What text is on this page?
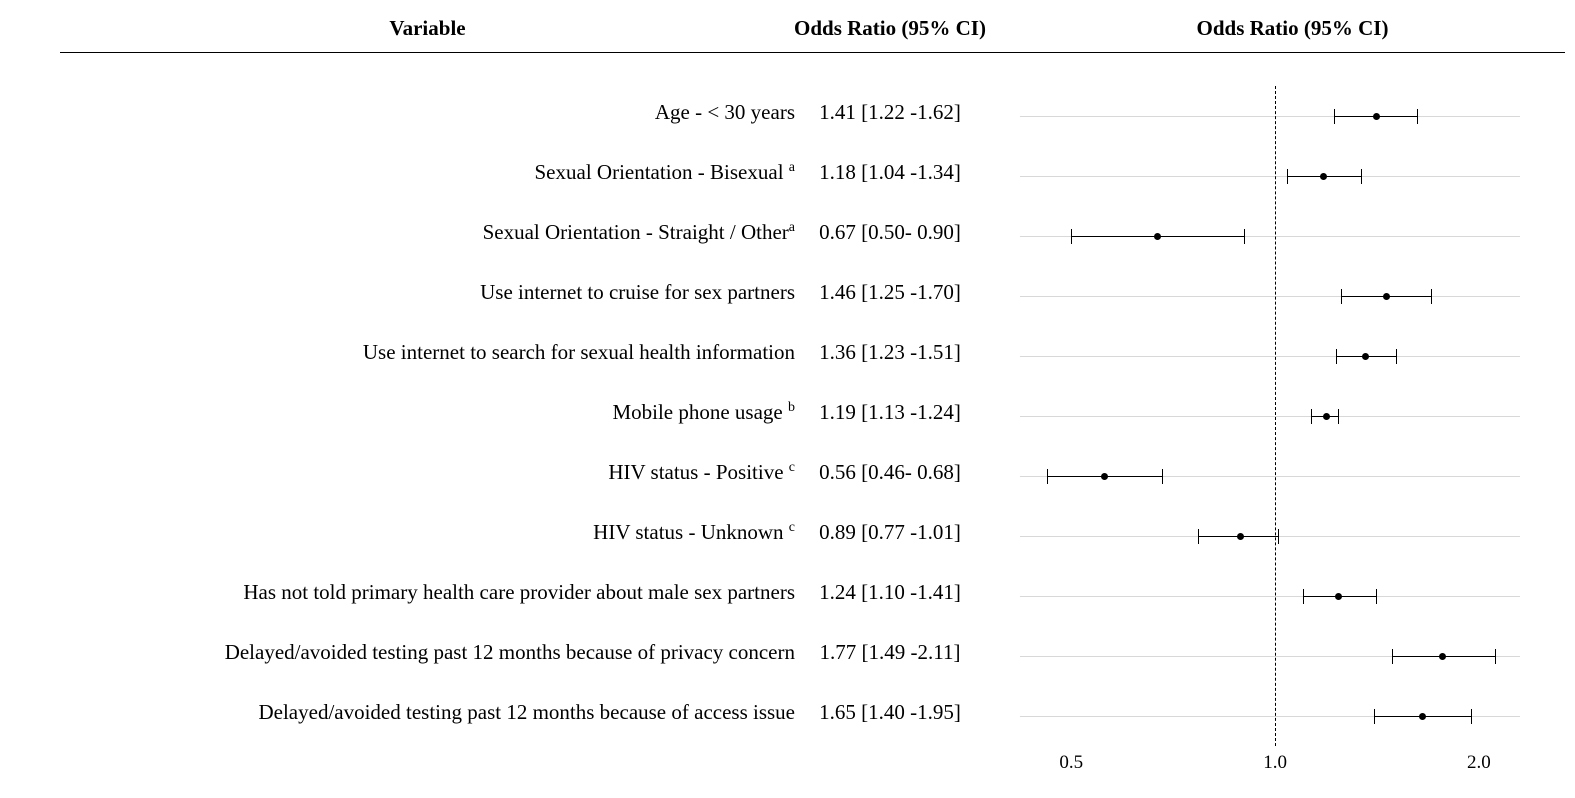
Variable	Odds Ratio (95% CI)	Odds Ratio (95% CI)
Age - < 30 years	1.41 [1.22 -1.62]
Sexual Orientation - Bisexual $^a$	1.18 [1.04 -1.34]
Sexual Orientation - Straight / Other$^a$	0.67 [0.50- 0.90]
Use internet to cruise for sex partners	1.46 [1.25 -1.70]
Use internet to search for sexual health information	1.36 [1.23 -1.51]
Mobile phone usage $^b$	1.19 [1.13 -1.24]
HIV status - Positive $^c$	0.56 [0.46- 0.68]
HIV status - Unknown $^c$	0.89 [0.77 -1.01]
Has not told primary health care provider about male sex partners	1.24 [1.10 -1.41]
Delayed/avoided testing past 12 months because of privacy concern	1.77 [1.49 -2.11]
Delayed/avoided testing past 12 months because of access issue	1.65 [1.40 -1.95]
0.5	1.0	2.0
